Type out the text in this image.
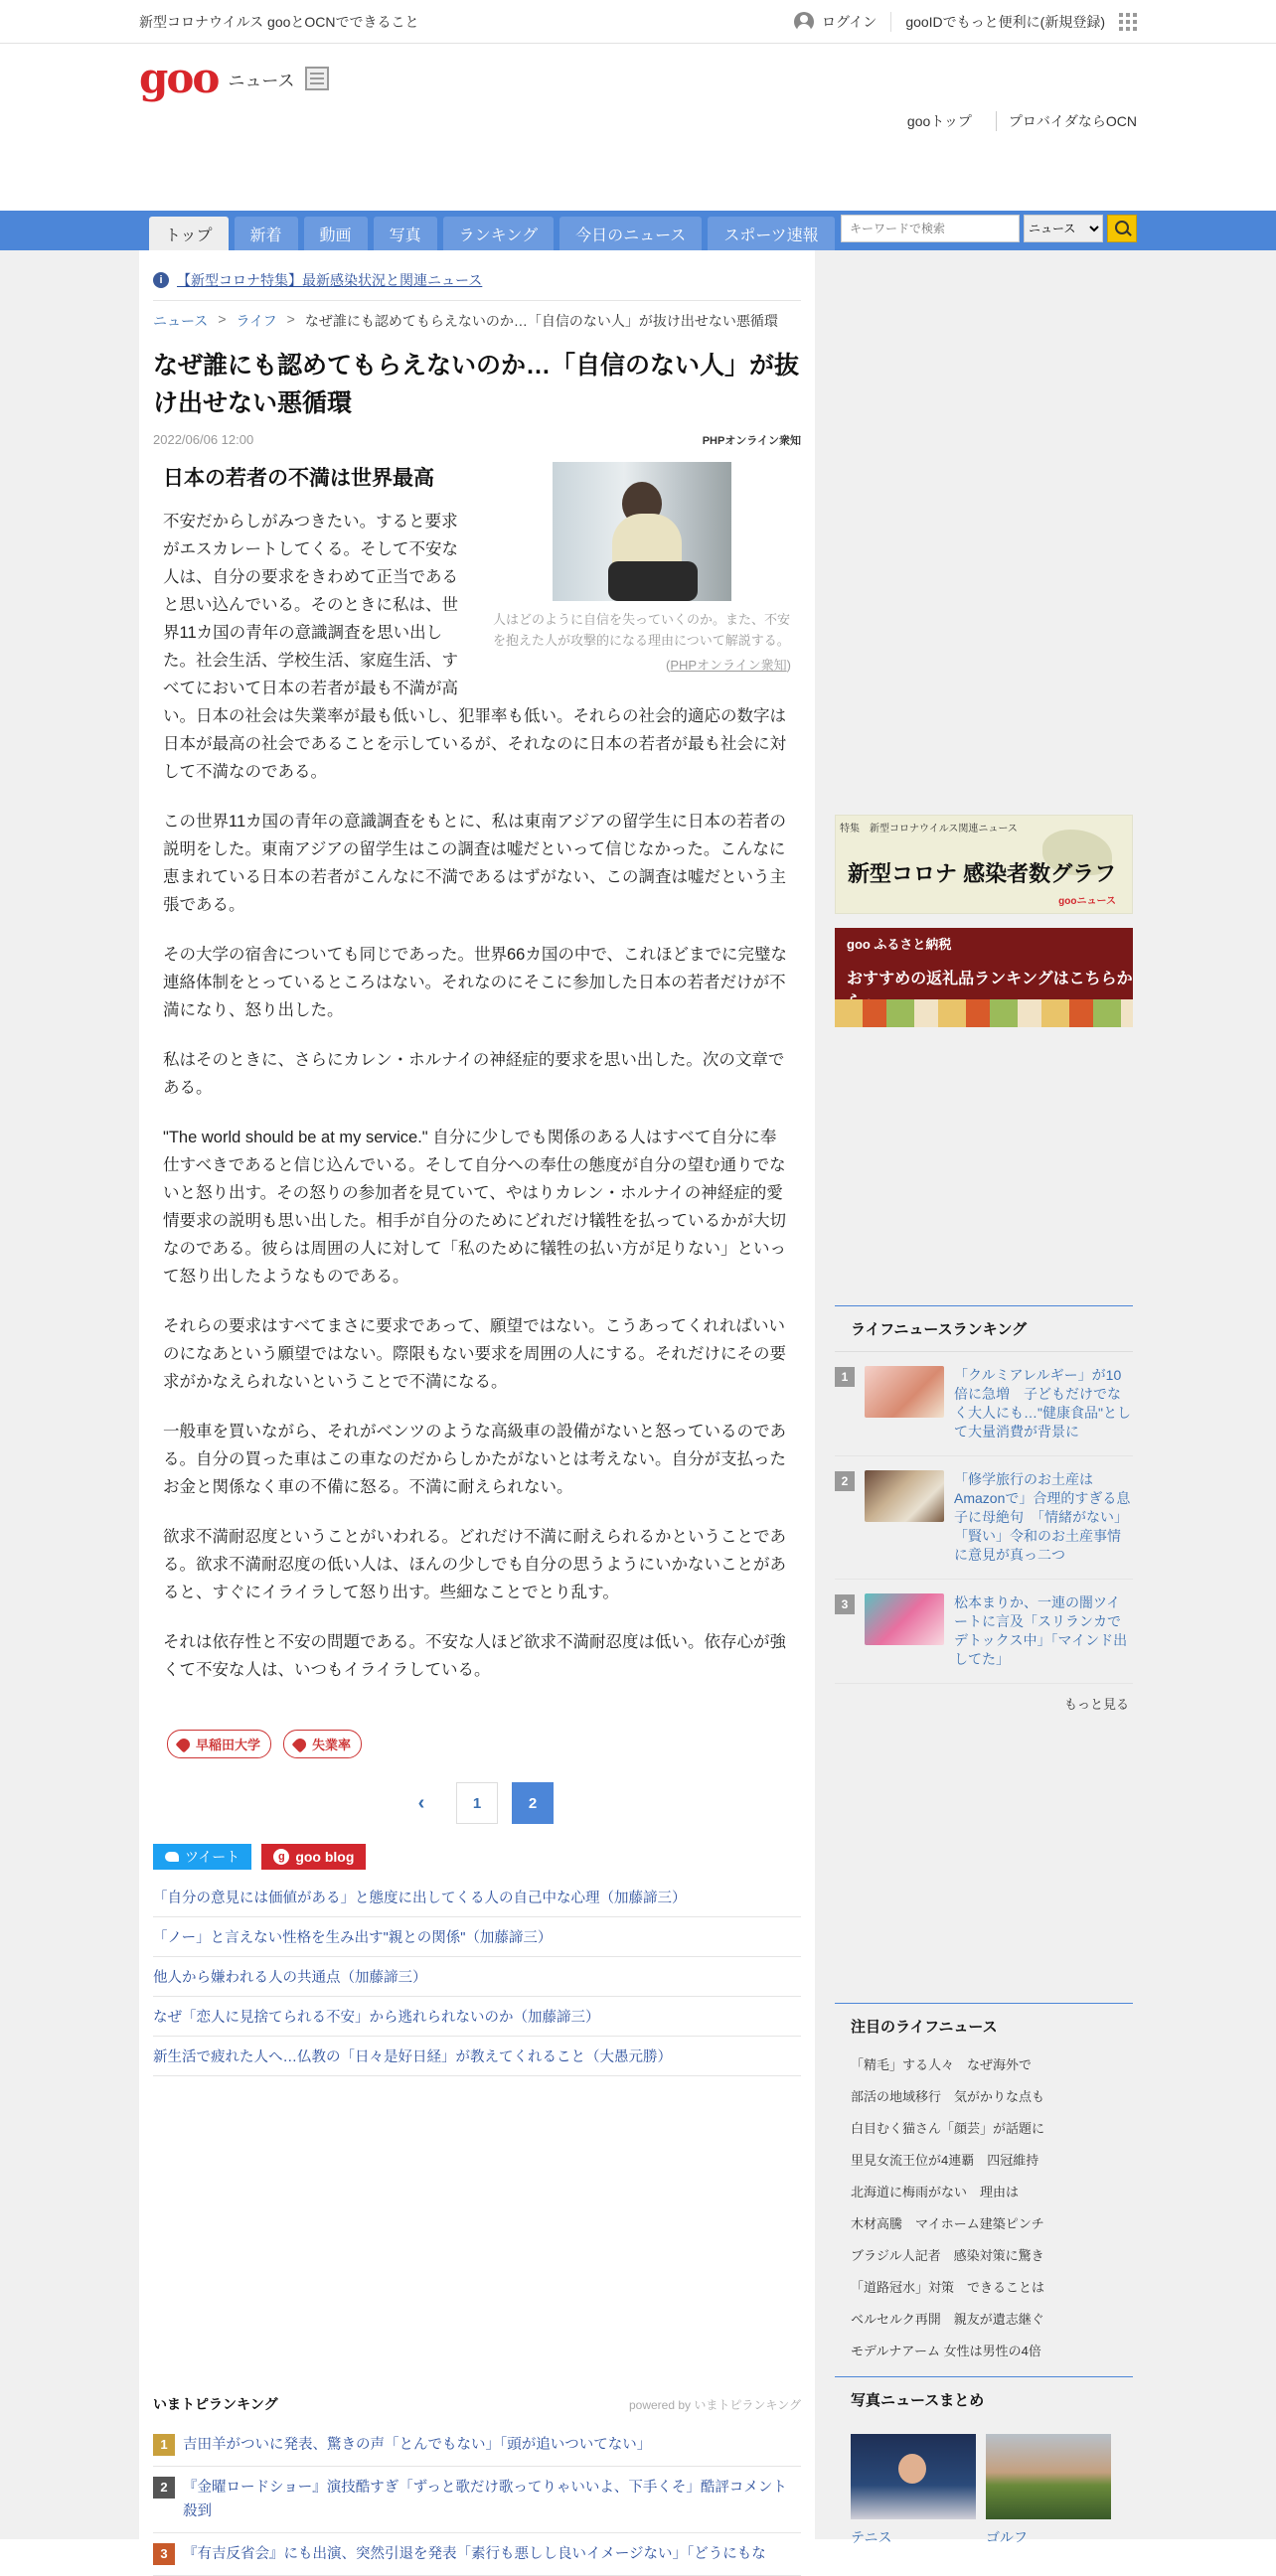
新型コロナウイルス gooとOCNでできること	ログイン gooIDでもっと便利に(新規登録)
goo ニュース
gooトップ	プロバイダならOCN
トップ	新着	動画	写真	ランキング	今日のニュース	スポーツ速報
キーワードで検索
ニュース
i	【新型コロナ特集】最新感染状況と関連ニュース
ニュース > ライフ > なぜ誰にも認めてもらえないのか…「自信のない人」が抜け出せない悪循環
なぜ誰にも認めてもらえないのか…「自信のない人」が抜け出せない悪循環
2022/06/06 12:00	PHPオンライン衆知
人はどのように自信を失っていくのか。また、不安を抱えた人が攻撃的になる理由について解説する。
(PHPオンライン衆知)
日本の若者の不満は世界最高

不安だからしがみつきたい。すると要求がエスカレートしてくる。そして不安な人は、自分の要求をきわめて正当であると思い込んでいる。そのときに私は、世界11カ国の青年の意識調査を思い出した。社会生活、学校生活、家庭生活、すべてにおいて日本の若者が最も不満が高い。日本の社会は失業率が最も低いし、犯罪率も低い。それらの社会的適応の数字は日本が最高の社会であることを示しているが、それなのに日本の若者が最も社会に対して不満なのである。

この世界11カ国の青年の意識調査をもとに、私は東南アジアの留学生に日本の若者の説明をした。東南アジアの留学生はこの調査は嘘だといって信じなかった。こんなに恵まれている日本の若者がこんなに不満であるはずがない、この調査は嘘だという主張である。

その大学の宿舎についても同じであった。世界66カ国の中で、これほどまでに完璧な連絡体制をとっているところはない。それなのにそこに参加した日本の若者だけが不満になり、怒り出した。

私はそのときに、さらにカレン・ホルナイの神経症的要求を思い出した。次の文章である。

"The world should be at my service." 自分に少しでも関係のある人はすべて自分に奉仕すべきであると信じ込んでいる。そして自分への奉仕の態度が自分の望む通りでないと怒り出す。その怒りの参加者を見ていて、やはりカレン・ホルナイの神経症的愛情要求の説明も思い出した。相手が自分のためにどれだけ犠牲を払っているかが大切なのである。彼らは周囲の人に対して「私のために犠牲の払い方が足りない」といって怒り出したようなものである。

それらの要求はすべてまさに要求であって、願望ではない。こうあってくれればいいのになあという願望ではない。際限もない要求を周囲の人にする。それだけにその要求がかなえられないということで不満になる。

一般車を買いながら、それがベンツのような高級車の設備がないと怒っているのである。自分の買った車はこの車なのだからしかたがないとは考えない。自分が支払ったお金と関係なく車の不備に怒る。不満に耐えられない。

欲求不満耐忍度ということがいわれる。どれだけ不満に耐えられるかということである。欲求不満耐忍度の低い人は、ほんの少しでも自分の思うようにいかないことがあると、すぐにイライラして怒り出す。些細なことでとり乱す。

それは依存性と不安の問題である。不安な人ほど欲求不満耐忍度は低い。依存心が強くて不安な人は、いつもイライラしている。

早稲田大学	失業率
‹	1	2
ツイート	g goo blog
「自分の意見には価値がある」と態度に出してくる人の自己中な心理（加藤諦三）
「ノー」と言えない性格を生み出す"親との関係"（加藤諦三）
他人から嫌われる人の共通点（加藤諦三）
なぜ「恋人に見捨てられる不安」から逃れられないのか（加藤諦三）
新生活で疲れた人へ…仏教の「日々是好日経」が教えてくれること（大愚元勝）
いまトピランキング	powered by いまトピランキング
1	吉田羊がついに発表、驚きの声「とんでもない」「頭が追いついてない」
2	『金曜ロードショー』演技酷すぎ「ずっと歌だけ歌ってりゃいいよ、下手くそ」酷評コメント殺到
3	『有吉反省会』にも出演、突然引退を発表「素行も悪しし良いイメージない」「どうにもな
特集　新型コロナウイルス関連ニュース
新型コロナ 感染者数グラフ
gooニュース
goo ふるさと納税
おすすめの返礼品ランキングはこちらか
ライフニュースランキング
1	「クルミアレルギー」が10倍に急増　子どもだけでなく大人にも…"健康食品"として大量消費が背景に
2	「修学旅行のお土産はAmazonで」合理的すぎる息子に母絶句　「情緒がない」「賢い」令和のお土産事情に意見が真っ二つ
3	松本まりか、一連の闇ツイートに言及「スリランカでデトックス中」「マインド出してた」
もっと見る
注目のライフニュース
「精毛」する人々　なぜ海外で
部活の地域移行　気がかりな点も
白目むく猫さん「顔芸」が話題に
里見女流王位が4連覇　四冠維持
北海道に梅雨がない　理由は
木材高騰　マイホーム建築ピンチ
ブラジル人記者　感染対策に驚き
「道路冠水」対策　できることは
ベルセルク再開　親友が遺志継ぐ
モデルナアーム 女性は男性の4倍
写真ニュースまとめ
テニス	ゴルフ
